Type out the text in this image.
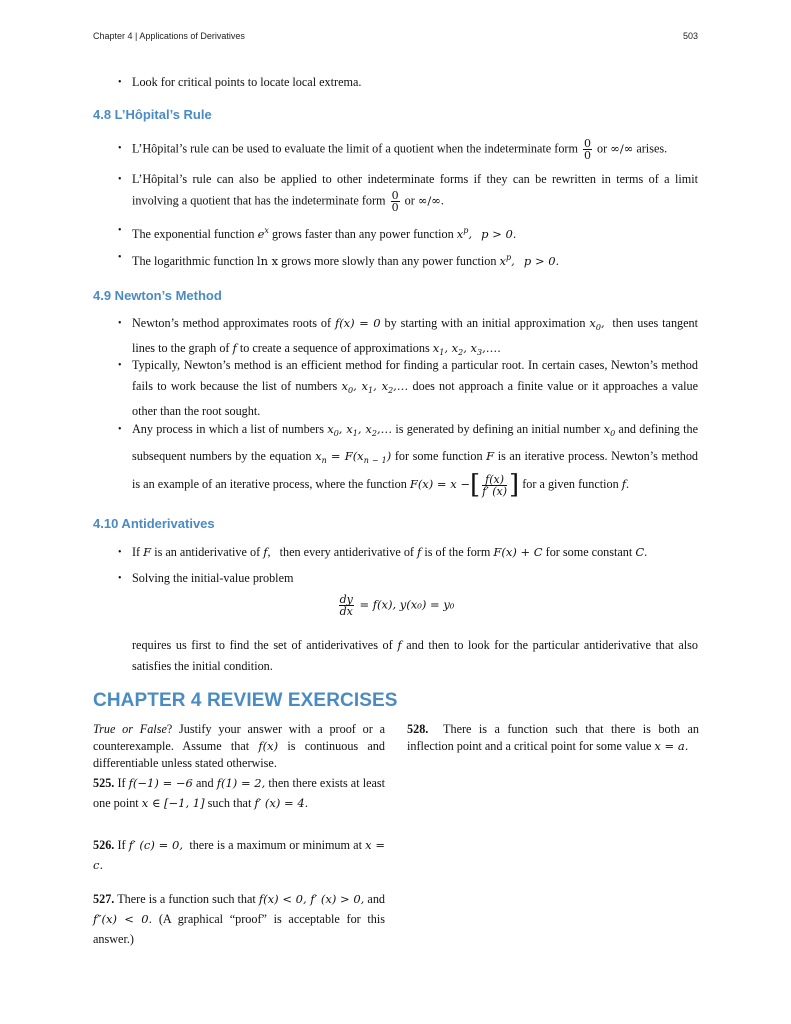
Chapter 4 | Applications of Derivatives	503
• Look for critical points to locate local extrema.
4.8 L’Hôpital’s Rule
• L’Hôpital’s rule can be used to evaluate the limit of a quotient when the indeterminate form $\frac{0}{0}$ or ∞/∞ arises.
• L’Hôpital’s rule can also be applied to other indeterminate forms if they can be rewritten in terms of a limit involving a quotient that has the indeterminate form $\frac{0}{0}$ or ∞/∞.
• The exponential function $e^x$ grows faster than any power function $x^p$, p > 0.
• The logarithmic function ln x grows more slowly than any power function $x^p$, p > 0.
4.9 Newton’s Method
• Newton’s method approximates roots of f(x) = 0 by starting with an initial approximation $x_0$, then uses tangent lines to the graph of f to create a sequence of approximations $x_1$, $x_2$, $x_3,\dots$.
• Typically, Newton’s method is an efficient method for finding a particular root. In certain cases, Newton’s method fails to work because the list of numbers $x_0$, $x_1$, $x_2,\dots$ does not approach a finite value or it approaches a value other than the root sought.
• Any process in which a list of numbers $x_0$, $x_1$, $x_2,\dots$ is generated by defining an initial number $x_0$ and defining the subsequent numbers by the equation $x_n = F(x_{n - 1})$ for some function F is an iterative process. Newton’s method is an example of an iterative process, where the function F(x) = x −[ $\frac{f(x)}{f' (x)}$ ] for a given function f.
4.10 Antiderivatives
• If F is an antiderivative of f,   then every antiderivative of f is of the form F(x) + C for some constant C.
• Solving the initial-value problem
$\frac{dy}{dx} = f(x)$, y(x₀) = y₀
requires us first to find the set of antiderivatives of f and then to look for the particular antiderivative that also satisfies the initial condition.
CHAPTER 4 REVIEW EXERCISES
True or False? Justify your answer with a proof or a counterexample. Assume that f(x) is continuous and differentiable unless stated otherwise.
525. If f(−1) = −6 and f(1) = 2, then there exists at least one point x ∈ [−1, 1] such that f′ (x) = 4.
526. If f′ (c) = 0, there is a maximum or minimum at x = c.
527. There is a function such that f(x) < 0, f′ (x) > 0, and f″(x) < 0. (A graphical “proof” is acceptable for this answer.)
528. There is a function such that there is both an inflection point and a critical point for some value x = a.
